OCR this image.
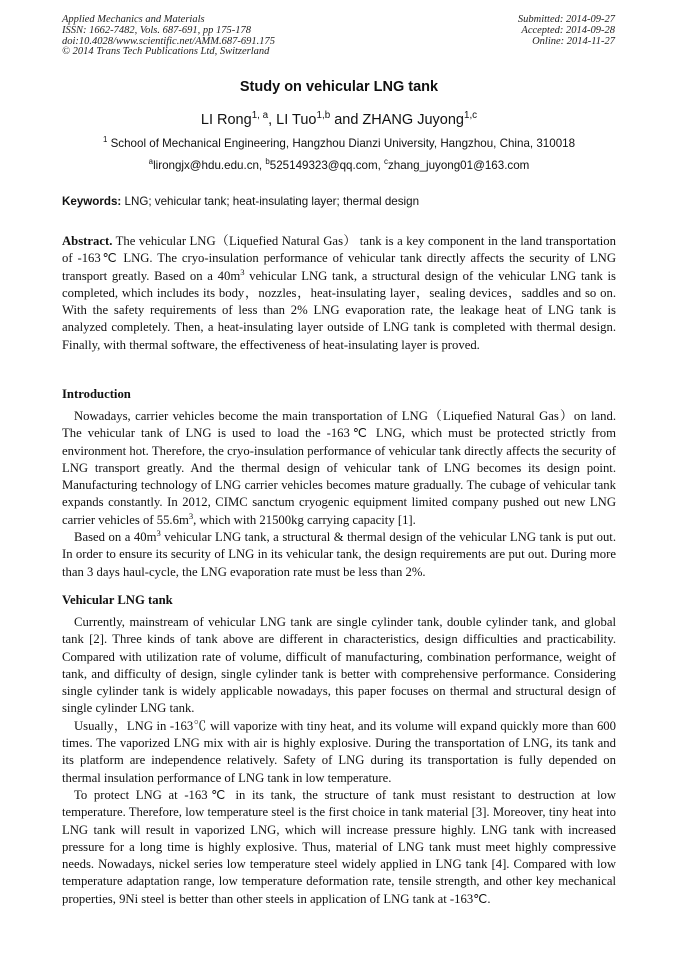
Applied Mechanics and Materials
ISSN: 1662-7482, Vols. 687-691, pp 175-178
doi:10.4028/www.scientific.net/AMM.687-691.175
© 2014 Trans Tech Publications Ltd, Switzerland
Submitted: 2014-09-27
Accepted: 2014-09-28
Online: 2014-11-27
Study on vehicular LNG tank
LI Rong$^{1, a}$, LI Tuo$^{1,b}$ and ZHANG Juyong$^{1,c}$
$^1$ School of Mechanical Engineering, Hangzhou Dianzi University, Hangzhou, China, 310018
$^a$lirongjx@hdu.edu.cn, $^b$525149323@qq.com, $^c$zhang_juyong01@163.com
Keywords: LNG; vehicular tank; heat-insulating layer; thermal design
Abstract. The vehicular LNG（Liquefied Natural Gas） tank is a key component in the land transportation of -163℃ LNG. The cryo-insulation performance of vehicular tank directly affects the security of LNG transport greatly. Based on a $40m^3$ vehicular LNG tank, a structural design of the vehicular LNG tank is completed, which includes its body，nozzles，heat-insulating layer，sealing devices，saddles and so on. With the safety requirements of less than 2% LNG evaporation rate, the leakage heat of LNG tank is analyzed completely. Then, a heat-insulating layer outside of LNG tank is completed with thermal design. Finally, with thermal software, the effectiveness of heat-insulating layer is proved.
Introduction

Nowadays, carrier vehicles become the main transportation of LNG（Liquefied Natural Gas）on land. The vehicular tank of LNG is used to load the -163℃ LNG, which must be protected strictly from environment hot. Therefore, the cryo-insulation performance of vehicular tank directly affects the security of LNG transport greatly. And the thermal design of vehicular tank of LNG becomes its design point. Manufacturing technology of LNG carrier vehicles becomes mature gradually. The cubage of vehicular tank expands constantly. In 2012, CIMC sanctum cryogenic equipment limited company pushed out new LNG carrier vehicles of $55.6m^3$, which with 21500kg carrying capacity [1].

Based on a $40m^3$ vehicular LNG tank, a structural & thermal design of the vehicular LNG tank is put out. In order to ensure its security of LNG in its vehicular tank, the design requirements are put out. During more than 3 days haul-cycle, the LNG evaporation rate must be less than 2%.

Vehicular LNG tank

Currently, mainstream of vehicular LNG tank are single cylinder tank, double cylinder tank, and global tank [2]. Three kinds of tank above are different in characteristics, design difficulties and practicability. Compared with utilization rate of volume, difficult of manufacturing, combination performance, weight of tank, and difficulty of design, single cylinder tank is better with comprehensive performance. Considering single cylinder tank is widely applicable nowadays, this paper focuses on thermal and structural design of single cylinder LNG tank.

Usually，LNG in -163℃ will vaporize with tiny heat, and its volume will expand quickly more than 600 times. The vaporized LNG mix with air is highly explosive. During the transportation of LNG, its tank and its platform are independence relatively. Safety of LNG during its transportation is fully depended on thermal insulation performance of LNG tank in low temperature.

To protect LNG at -163℃ in its tank, the structure of tank must resistant to destruction at low temperature. Therefore, low temperature steel is the first choice in tank material [3]. Moreover, tiny heat into LNG tank will result in vaporized LNG, which will increase pressure highly. LNG tank with increased pressure for a long time is highly explosive. Thus, material of LNG tank must meet highly compressive needs. Nowadays, nickel series low temperature steel widely applied in LNG tank [4]. Compared with low temperature adaptation range, low temperature deformation rate, tensile strength, and other key mechanical properties, 9Ni steel is better than other steels in application of LNG tank at -163℃.
